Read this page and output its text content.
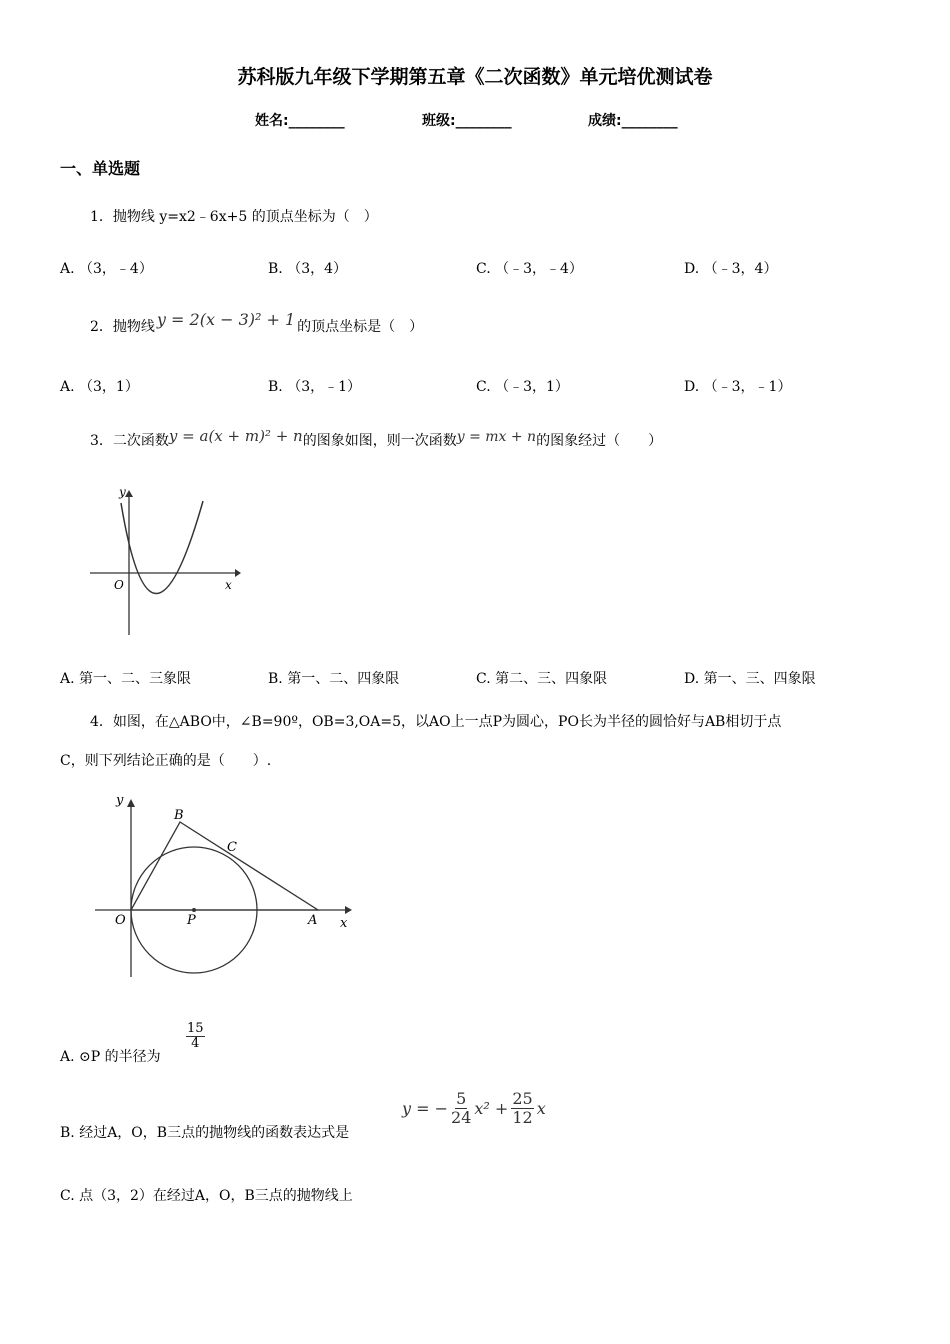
苏科版九年级下学期第五章《二次函数》单元培优测试卷
姓名:________	班级:________	成绩:________
一、单选题
1．抛物线 y=x2﹣6x+5 的顶点坐标为（　）
A. （3，﹣4）	B. （3，4）	C. （﹣3，﹣4）	D. （﹣3，4）
2．抛物线 y = 2(x − 3)² + 1 的顶点坐标是（　）
A. （3，1）	B. （3，﹣1）	C. （﹣3，1）	D. （﹣3，﹣1）
3．二次函数y = a(x + m)² + n的图象如图，则一次函数y = mx + n的图象经过（　　）
y
x
O
A. 第一、二、三象限	B. 第一、二、四象限	C. 第二、三、四象限	D. 第一、三、四象限
4．如图，在△ABO中，∠B=90º，OB=3,OA=5，以AO上一点P为圆心，PO长为半径的圆恰好与AB相切于点
C，则下列结论正确的是（　　）.
y
x
O	P	A
B
C
A. ⊙P 的半径为
$\frac{15}{4}$
B. 经过A，O，B三点的抛物线的函数表达式是
y = − $\frac{5}{24} x^2 + \frac{25}{12}$ x
C. 点（3，2）在经过A，O，B三点的抛物线上
